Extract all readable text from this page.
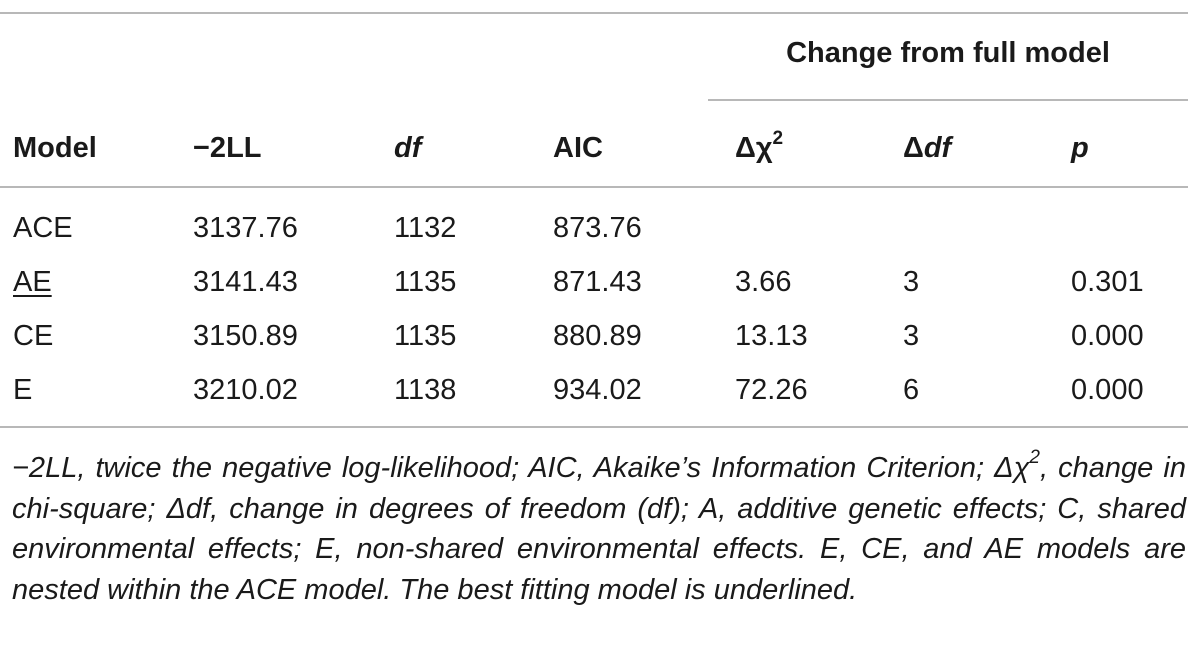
Change from full model
Model	−2LL	df	AIC	$\Delta\chi^2$	Δdf	p
ACE	3137.76	1132	873.76
AE	3141.43	1135	871.43	3.66	3	0.301
CE	3150.89	1135	880.89	13.13	3	0.000
E	3210.02	1138	934.02	72.26	6	0.000
−2LL, twice the negative log-likelihood; AIC, Akaike’s Information Criterion; $\Delta\chi^2$, change in chi-square; Δdf, change in degrees of freedom (df); A, additive genetic effects; C, shared environmental effects; E, non-shared environmental effects. E, CE, and AE models are nested within the ACE model. The best fitting model is underlined.
